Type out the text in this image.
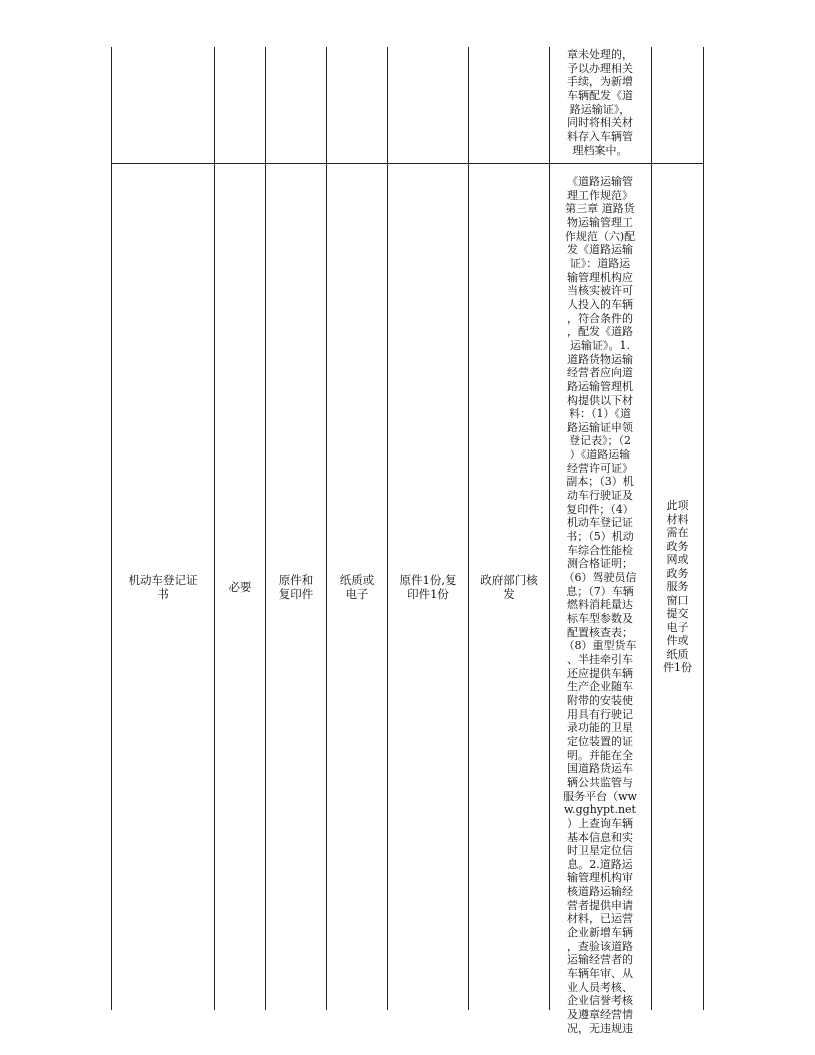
章未处理的，
予以办理相关
手续，为新增
车辆配发《道
路运输证》，
同时将相关材
料存入车辆管
理档案中。
机动车登记证
书	必要 原件和
复印件
纸质或
电子
原件1份,复
印件1份
政府部门核
发
《道路运输管
理工作规范》
第三章 道路货
物运输管理工
作规范（六)配
发《道路运输
证》：道路运
输管理机构应
当核实被许可
人投入的车辆
，符合条件的
，配发《道路
运输证》。1.
道路货物运输
经营者应向道
路运输管理机
构提供以下材
料：（1）《道
路运输证申领
登记表》；（2
）《道路运输
经营许可证》
副本；（3）机
动车行驶证及
复印件；（4）
机动车登记证
书；（5）机动
车综合性能检
测合格证明；
（6）驾驶员信
息；（7）车辆
燃料消耗量达
标车型参数及
配置核查表；
（8）重型货车
、半挂牵引车
还应提供车辆
生产企业随车
附带的安装使
用具有行驶记
录功能的卫星
定位装置的证
明。并能在全
国道路货运车
辆公共监管与
服务平台（ww
w.gghypt.net
）上查询车辆
基本信息和实
时卫星定位信
息。2.道路运
输管理机构审
核道路运输经
营者提供申请
材料，已运营
企业新增车辆
，查验该道路
运输经营者的
车辆年审、从
业人员考核、
企业信誉考核
及遵章经营情
况，无违规违
此项
材料
需在
政务
网或
政务
服务
窗口
提交
电子
件或
纸质
件1份
